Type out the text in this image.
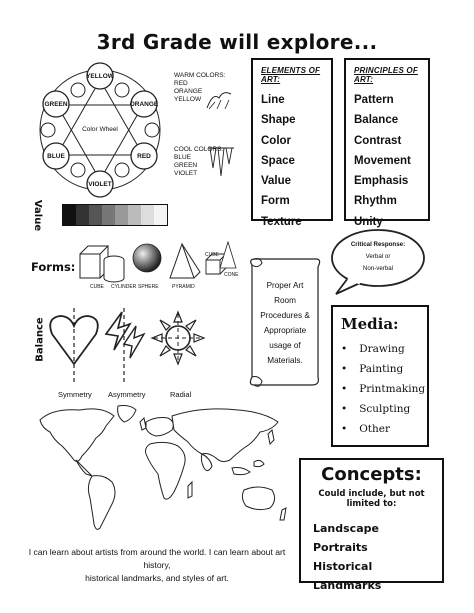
3rd Grade will explore...
YELLOW
ORANGE
RED
VIOLET
BLUE
GREEN
Color Wheel
WARM COLORS:
RED
ORANGE
YELLOW
COOL COLORS:
BLUE
GREEN
VIOLET
Value
ELEMENTS OF ART:
Line
Shape
Color
Space
Value
Form
Texture
PRINCIPLES OF ART:
Pattern
Balance
Contrast
Movement
Emphasis
Rhythm
Unity
Forms:
CUBE CYLINDER SPHERE	PYRAMID
CUBE
CONE
Critical Response:
Verbal or
Non-verbal
Proper Art
Room
Procedures &
Appropriate
usage of
Materials.
Balance
Symmetry Asymmetry	Radial
Media:
• Drawing
• Painting
• Printmaking
• Sculpting
• Other
Concepts:
Could include, but not limited to:
Landscape
Portraits
Historical Landmarks
I can learn about artists from around the world. I can learn about art history,
historical landmarks, and styles of art.
